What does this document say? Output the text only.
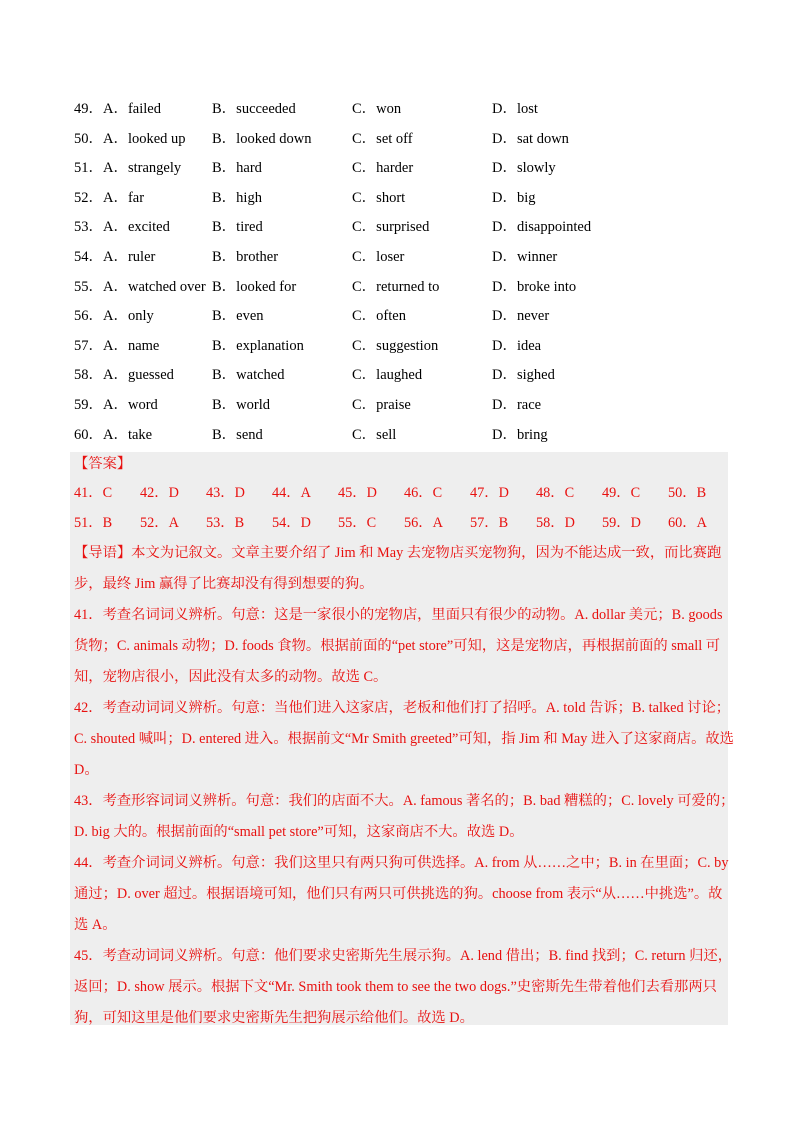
49．A．failed	B．succeeded	C．won	D．lost
50．A．looked up B．looked down	C．set off	D．sat down
51．A．strangely B．hard	C．harder	D．slowly
52．A．far	B．high	C．short	D．big
53．A．excited	B．tired	C．surprised	D．disappointed
54．A．ruler	B．brother	C．loser	D．winner
55．A．watched over B．looked for	C．returned to	D．broke into
56．A．only	B．even	C．often	D．never
57．A．name	B．explanation	C．suggestion	D．idea
58．A．guessed	B．watched	C．laughed	D．sighed
59．A．word	B．world	C．praise	D．race
60．A．take	B．send	C．sell	D．bring
【答案】
41．C 42．D 43．D 44．A 45．D 46．C 47．D 48．C 49．C 50．B
51．B 52．A 53．B 54．D 55．C 56．A 57．B 58．D 59．D 60．A
【导语】本文为记叙文。文章主要介绍了 Jim 和 May 去宠物店买宠物狗，因为不能达成一致，而比赛跑
步，最终 Jim 赢得了比赛却没有得到想要的狗。
41．考查名词词义辨析。句意：这是一家很小的宠物店，里面只有很少的动物。A. dollar 美元；B. goods
货物；C. animals 动物；D. foods 食物。根据前面的“pet store”可知，这是宠物店，再根据前面的 small 可
知，宠物店很小，因此没有太多的动物。故选 C。
42．考查动词词义辨析。句意：当他们进入这家店，老板和他们打了招呼。A. told 告诉；B. talked 讨论；
C. shouted 喊叫；D. entered 进入。根据前文“Mr Smith greeted”可知，指 Jim 和 May 进入了这家商店。故选
D。
43．考查形容词词义辨析。句意：我们的店面不大。A. famous 著名的；B. bad 糟糕的；C. lovely 可爱的；
D. big 大的。根据前面的“small pet store”可知，这家商店不大。故选 D。
44．考查介词词义辨析。句意：我们这里只有两只狗可供选择。A. from 从……之中；B. in 在里面；C. by
通过；D. over 超过。根据语境可知，他们只有两只可供挑选的狗。choose from 表示“从……中挑选”。故
选 A。
45．考查动词词义辨析。句意：他们要求史密斯先生展示狗。A. lend 借出；B. find 找到；C. return 归还，
返回；D. show 展示。根据下文“Mr. Smith took them to see the two dogs.”史密斯先生带着他们去看那两只
狗，可知这里是他们要求史密斯先生把狗展示给他们。故选 D。
